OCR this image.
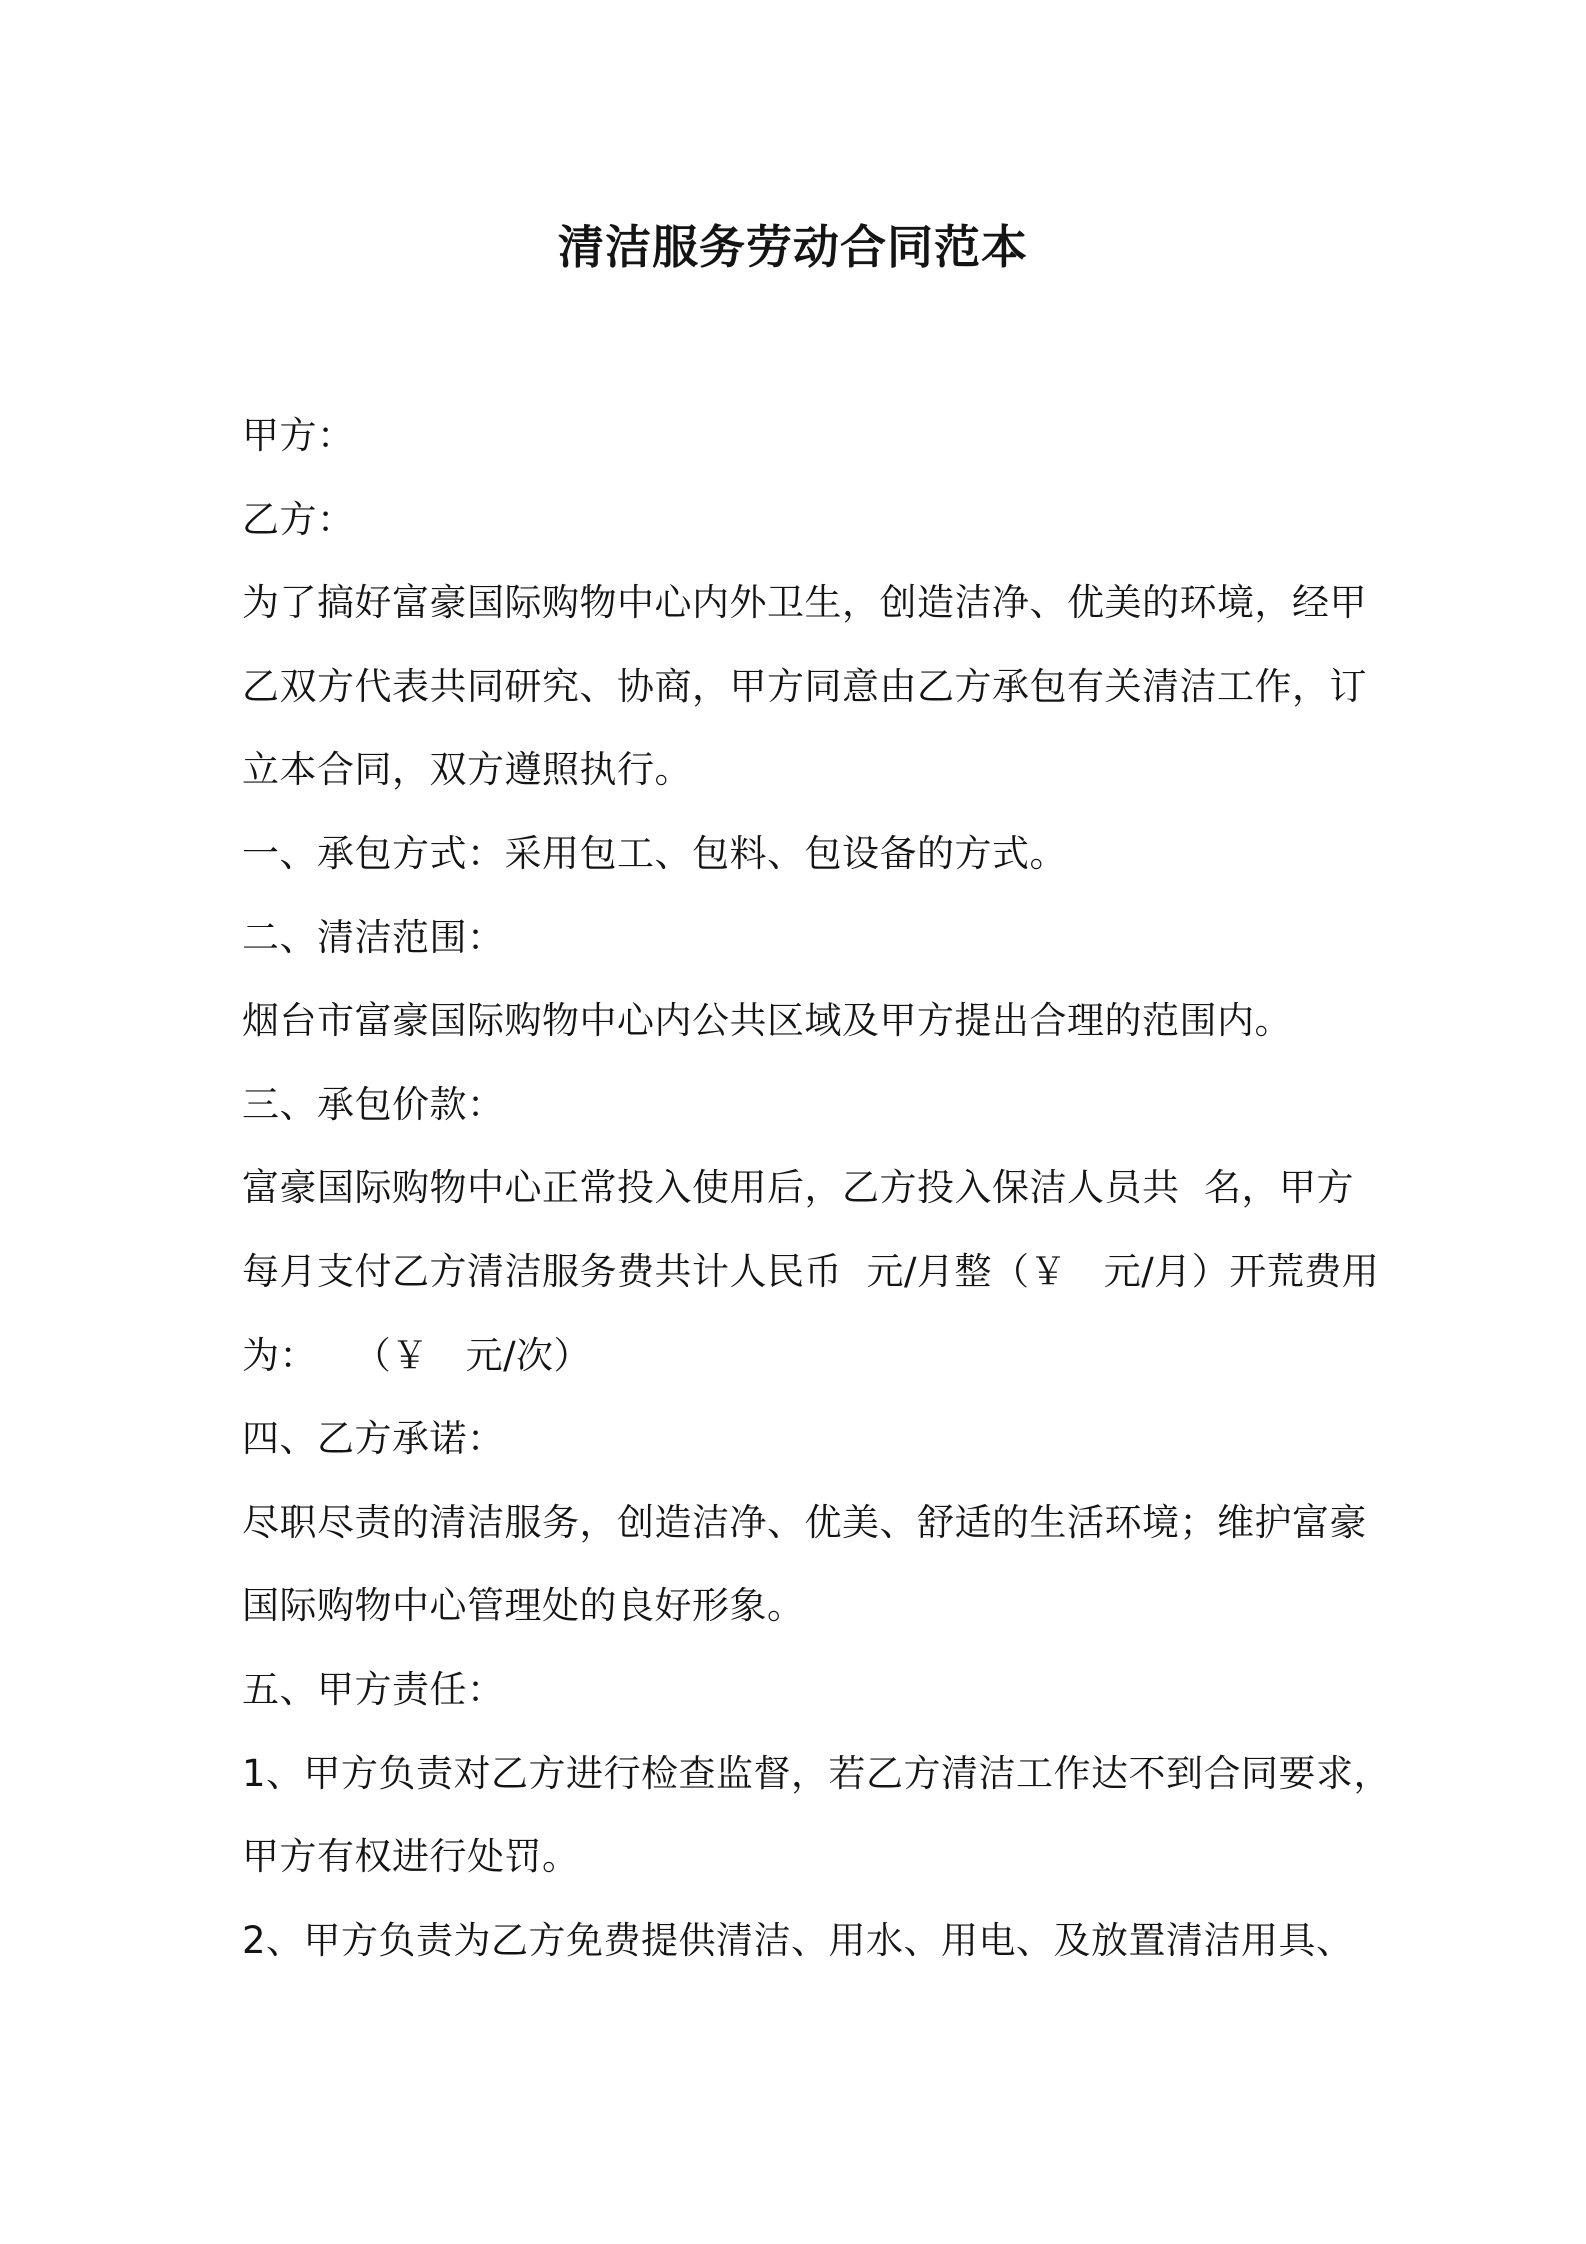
清洁服务劳动合同范本

甲方：

乙方：

为了搞好富豪国际购物中心内外卫生，创造洁净、优美的环境，经甲

乙双方代表共同研究、协商，甲方同意由乙方承包有关清洁工作，订

立本合同，双方遵照执行。

一、承包方式：采用包工、包料、包设备的方式。

二、清洁范围：

烟台市富豪国际购物中心内公共区域及甲方提出合理的范围内。

三、承包价款：

富豪国际购物中心正常投入使用后，乙方投入保洁人员共  名，甲方

每月支付乙方清洁服务费共计人民币  元/月整（￥   元/月）开荒费用

为：   （￥   元/次）

四、乙方承诺：

尽职尽责的清洁服务，创造洁净、优美、舒适的生活环境；维护富豪

国际购物中心管理处的良好形象。

五、甲方责任：

1、甲方负责对乙方进行检查监督，若乙方清洁工作达不到合同要求，

甲方有权进行处罚。

2、甲方负责为乙方免费提供清洁、用水、用电、及放置清洁用具、
